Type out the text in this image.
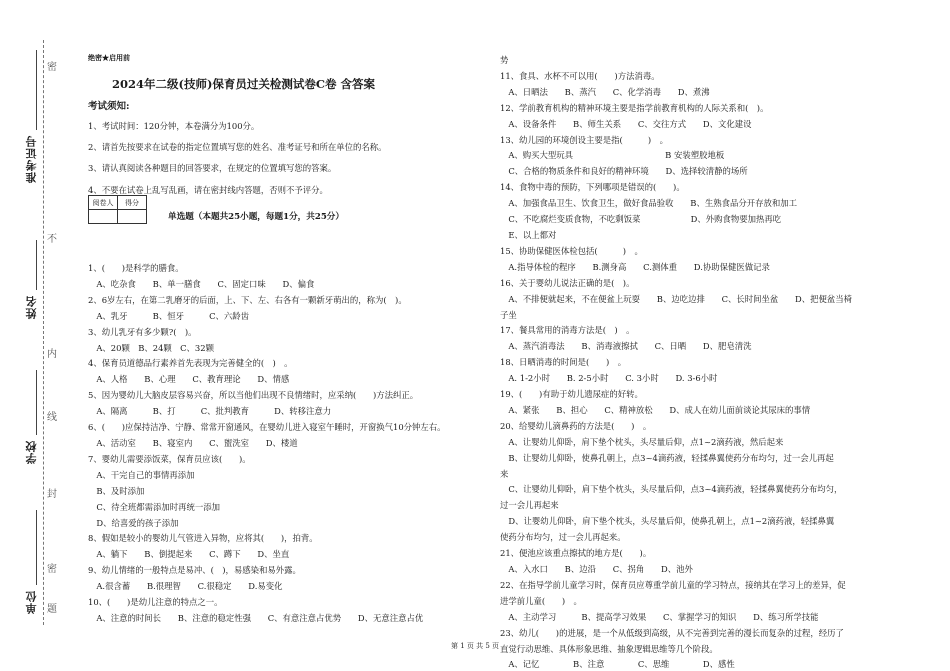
准考证号
姓名
学校
单位
密
不
内
线
封
密
题
绝密★启用前
2024年二级(技师)保育员过关检测试卷C卷 含答案
考试须知:
1、考试时间：120分钟，本卷满分为100分。
2、请首先按要求在试卷的指定位置填写您的姓名、准考证号和所在单位的名称。
3、请认真阅读各种题目的回答要求，在规定的位置填写您的答案。
4、不要在试卷上乱写乱画，请在密封线内答题，否则不予评分。
阅卷人	得分

单选题（本题共25小题，每题1分，共25分）
1、(　　)是科学的膳食。
　A、吃杂食　　B、单一膳食　　C、固定口味　　D、偏食
2、6岁左右，在第二乳磨牙的后面，上、下、左、右各有一颗新牙萌出的，称为(　)。
　A、乳牙　　　B、恒牙　　　C、六龄齿
3、幼儿乳牙有多少颗?(　)。
　A、20颗　B、24颗　C、32颗
4、保育员道德品行素养首先表现为完善健全的(　)　。
　A、人格　　B、心理　　C、教育理论　　D、情感
5、因为婴幼儿大脑皮层容易兴奋，所以当他们出现不良情绪时，应采纳(　　)方法纠正。
　A、隔离　　　B、打　　　C、批判教育　　　D、转移注意力
6、(　　)应保持洁净、宁静、常常开窗通风，在婴幼儿进入寝室午睡时，开窗换气10分钟左右。
　A、活动室　　B、寝室内　　C、盥洗室　　D、楼道
7、婴幼儿需要添饭菜，保育员应该(　　)。
　A、干完自己的事情再添加
　B、及时添加
　C、待全班都需添加时再统一添加
　D、给喜爱的孩子添加
8、假如是较小的婴幼儿气管进入异物，应将其(　　)，拍背。
　A、躺下　　B、倒提起来　　C、蹲下　　D、坐直
9、幼儿情绪的一般特点是易冲、(　)，易感染和易外露。
　A.很含蓄　　B.很理智　　C.很稳定　　D.易变化
10、(　　)是幼儿注意的特点之一。
　A、注意的时间长　　B、注意的稳定性强　　C、有意注意占优势　　D、无意注意占优
势
11、食具、水杯不可以用(　　)方法消毒。
　A、日晒法　　B、蒸汽　　C、化学消毒　　D、煮沸
12、学前教育机构的精神环境主要是指学前教育机构的人际关系和(　)。
　A、设备条件　　B、师生关系　　C、交往方式　　D、文化建设
13、幼儿园的环境创设主要是指(　　　)　。
　A、购买大型玩具　　　　　　　　　　　B 安装塑胶地板
　C、合格的物质条件和良好的精神环境　　D、选择较清静的场所
14、食物中毒的预防，下列哪项是错误的(　　)。
　A、加强食品卫生、饮食卫生，做好食品验收　　B、生熟食品分开存放和加工
　C、不吃腐烂变质食物，不吃剩饭菜　　　　　　D、外购食物要加热再吃
　E、以上都对
15、协助保健医体检包括(　　　)　。
　A.指导体检的程序　　B.测身高　　C.测体重　　D.协助保健医做记录
16、关于婴幼儿说法正确的是(　)。
　A、不排便就起来，不在便盆上玩耍　　B、边吃边排　　C、长时间坐盆　　D、把便盆当椅
子坐
17、餐具常用的消毒方法是(　)　。
　A、蒸汽消毒法　　B、消毒液擦拭　　C、日晒　　D、肥皂清洗
18、日晒消毒的时间是(　　)　。
　A. 1-2小时　　B. 2-5小时　　C. 3小时　　D. 3-6小时
19、(　　)有助于幼儿遗尿症的好转。
　A、紧张　　B、担心　　C、精神放松　　D、成人在幼儿面前谈论其尿床的事情
20、给婴幼儿滴鼻药的方法是(　　)　。
　A、让婴幼儿仰卧，肩下垫个枕头，头尽量后仰，点1~2滴药液，然后起来
　B、让婴幼儿仰卧，使鼻孔朝上，点3~4滴药液，轻揉鼻翼使药分布均匀，过一会儿再起
来
　C、让婴幼儿仰卧，肩下垫个枕头，头尽量后仰，点3~4滴药液，轻揉鼻翼使药分布均匀，
过一会儿再起来
　D、让婴幼儿仰卧，肩下垫个枕头，头尽量后仰，使鼻孔朝上，点1~2滴药液，轻揉鼻翼
使药分布均匀，过一会儿再起来。
21、便池应该重点擦拭的地方是(　　)。
　A、入水口　　B、边沿　　C、拐角　　D、池外
22、在指导学前儿童学习时，保育员应尊重学前儿童的学习特点，接纳其在学习上的差异，促
进学前儿童(　　)　。
　A、主动学习　　　B、提高学习效果　　C、掌握学习的知识　　D、练习所学技能
23、幼儿(　　)的进展，是一个从低级到高级，从不完善到完善的漫长而复杂的过程，经历了
直觉行动思维、具体形象思维、抽象逻辑思维等几个阶段。
　A、记忆　　　　B、注意　　　　C、思维　　　　D、感性
第 1 页 共 5 页
